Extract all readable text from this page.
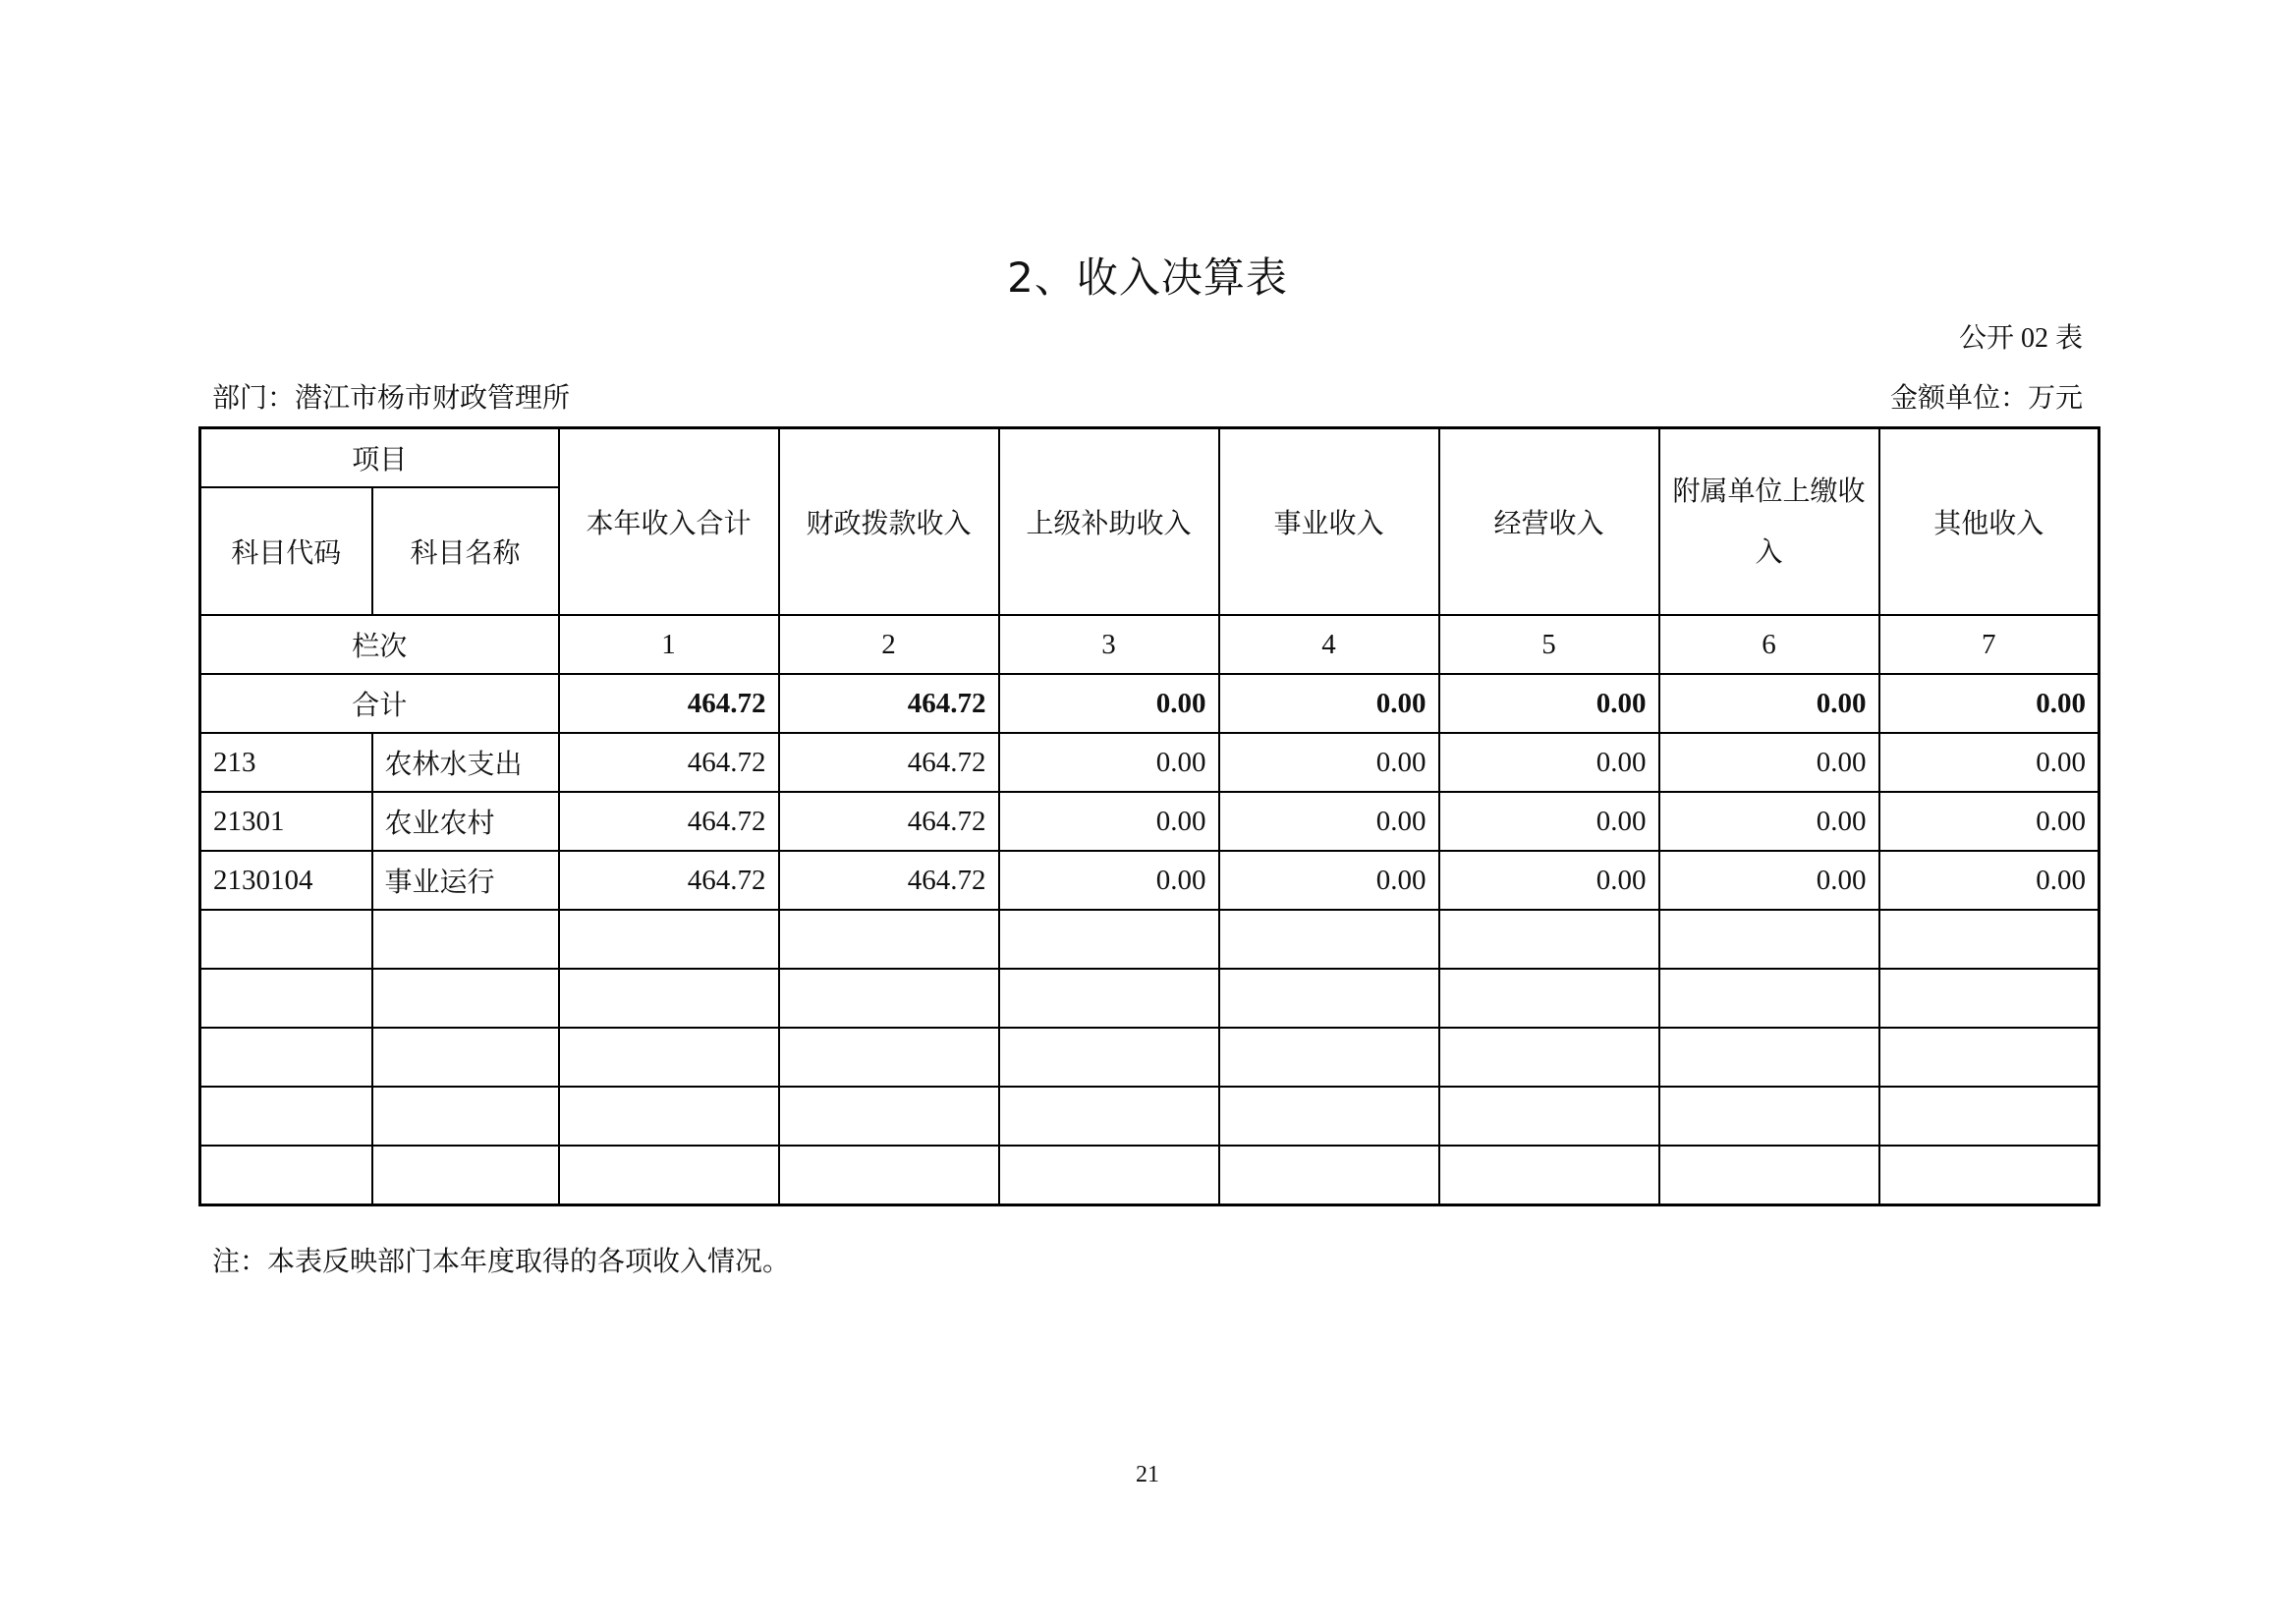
2、收入决算表
公开 02 表
部门：潜江市杨市财政管理所	金额单位：万元
项目		本年收入合计	财政拨款收入	上级补助收入	事业收入	经营收入	附属单位上缴收入	其他收入
科目代码	科目名称							
栏次		1	2	3	4	5	6	7
合计		464.72	464.72	0.00	0.00	0.00	0.00	0.00
213	农林水支出	464.72	464.72	0.00	0.00	0.00	0.00	0.00
21301	农业农村	464.72	464.72	0.00	0.00	0.00	0.00	0.00
2130104	事业运行	464.72	464.72	0.00	0.00	0.00	0.00	0.00

注：本表反映部门本年度取得的各项收入情况。
21
